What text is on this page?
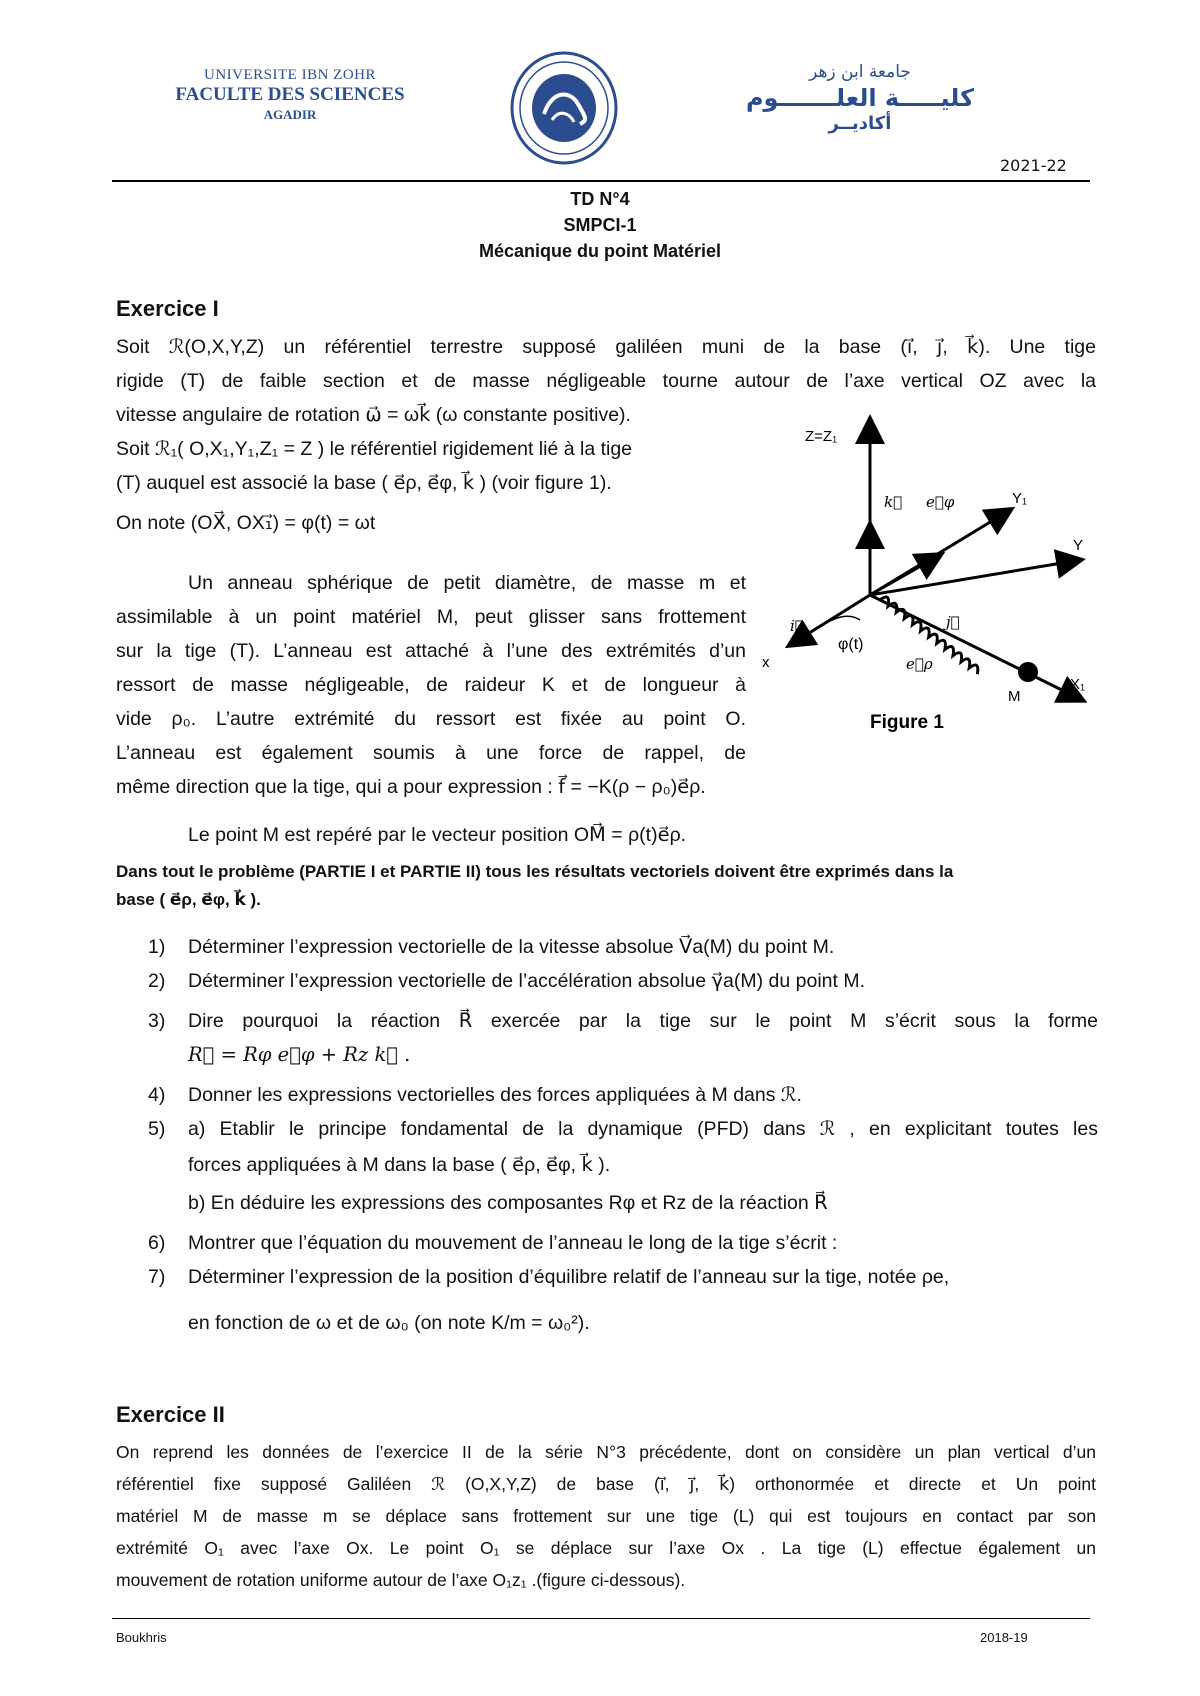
UNIVERSITE IBN ZOHR
FACULTE DES SCIENCES
AGADIR
جامعة ابن زهر
كليـــــة العلـــــــوم
أكاديــر
2021-22
TD N°4
SMPCI-1
Mécanique du point Matériel
Exercice I
Soit ℛ(O,X,Y,Z) un référentiel terrestre supposé galiléen muni de la base (i⃗, j⃗, k⃗). Une tige
rigide (T) de faible section et de masse négligeable tourne autour de l’axe vertical OZ avec la
vitesse angulaire de rotation ω⃗ = ωk⃗ (ω constante positive).
Soit ℛ₁( O,X₁,Y₁,Z₁ = Z ) le référentiel rigidement lié à la tige
(T) auquel est associé la base ( e⃗ρ, e⃗φ, k⃗ ) (voir figure 1).
On note (OX⃗, OX₁⃗) = φ(t) = ωt
Un anneau sphérique de petit diamètre, de masse m et
assimilable à un point matériel M, peut glisser sans frottement
sur la tige (T). L’anneau est attaché à l’une des extrémités d’un
ressort de masse négligeable, de raideur K et de longueur à
vide ρ₀. L’autre extrémité du ressort est fixée au point O.
L’anneau est également soumis à une force de rappel, de
même direction que la tige, qui a pour expression : f⃗ = −K(ρ − ρ₀)e⃗ρ.
Le point M est repéré par le vecteur position OM⃗ = ρ(t)e⃗ρ.
Dans tout le problème (PARTIE I et PARTIE II) tous les résultats vectoriels doivent être exprimés dans la
base ( e⃗ρ, e⃗φ, k⃗ ).
1)	Déterminer l’expression vectorielle de la vitesse absolue V⃗a(M) du point M.
2)	Déterminer l’expression vectorielle de l’accélération absolue γ⃗a(M) du point M.
3)	Dire pourquoi la réaction R⃗ exercée par la tige sur le point M s’écrit sous la forme
R⃗ = Rφ e⃗φ + Rz k⃗ .
4)	Donner les expressions vectorielles des forces appliquées à M dans ℛ.
5)	a) Etablir le principe fondamental de la dynamique (PFD) dans ℛ , en explicitant toutes les
forces appliquées à M dans la base ( e⃗ρ, e⃗φ, k⃗ ).
b) En déduire les expressions des composantes Rφ et Rz de la réaction R⃗
6)	Montrer que l’équation du mouvement de l’anneau le long de la tige s’écrit :
7)	Déterminer l’expression de la position d’équilibre relatif de l’anneau sur la tige, notée ρe,
en fonction de ω et de ω₀ (on note K/m = ω₀²).
Exercice II
On reprend les données de l’exercice II de la série N°3 précédente, dont on considère un plan vertical d’un
référentiel fixe supposé Galiléen ℛ (O,X,Y,Z) de base (i⃗, j⃗, k⃗) orthonormée et directe et Un point
matériel M de masse m se déplace sans frottement sur une tige (L) qui est toujours en contact par son
extrémité O₁ avec l’axe Ox. Le point O₁ se déplace sur l’axe Ox . La tige (L) effectue également un
mouvement de rotation uniforme autour de l’axe O₁z₁ .(figure ci-dessous).
Z=Z₁
Y₁
Y
x
X₁
M
φ(t)
k⃗ e⃗φ
e⃗ρ
i⃗	j⃗
Figure 1
Boukhris	2018-19
